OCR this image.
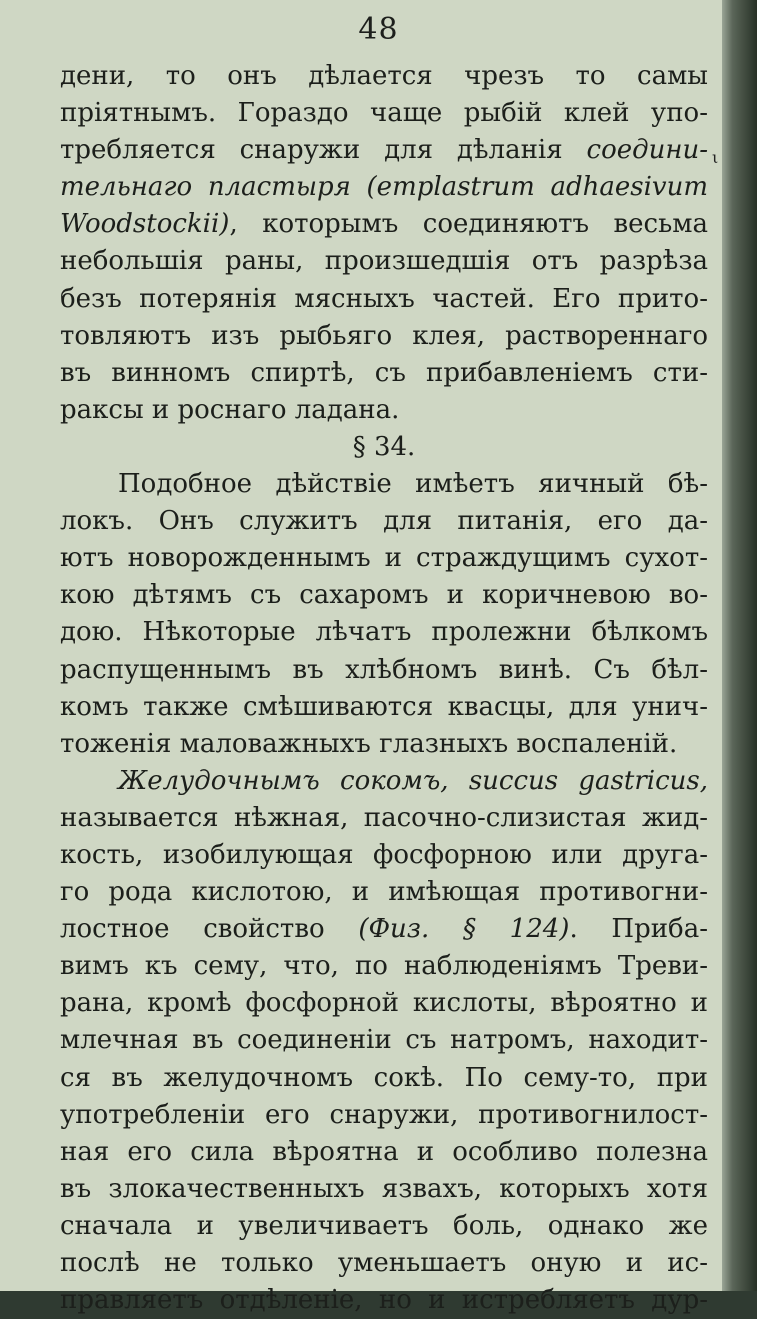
48
дени, то онъ дѣлается чрезъ то самы
пріятнымъ. Гораздо чаще рыбій клей упо-
требляется снаружи для дѣланія соедини-
тельнаго пластыря (emplastrum adhaesivum
Woodstockii), которымъ соединяютъ весьма
небольшія раны, произшедшія отъ разрѣза
безъ потерянія мясныхъ частей. Его прито-
товляютъ изъ рыбьяго клея, раствореннаго
въ винномъ спиртѣ, съ прибавленіемъ сти-
раксы и роснаго ладана.
§ 34.
Подобное дѣйствіе имѣетъ яичный бѣ-
локъ. Онъ служитъ для питанія, его да-
ютъ новорожденнымъ и страждущимъ сухот-
кою дѣтямъ съ сахаромъ и коричневою во-
дою. Нѣкоторые лѣчатъ пролежни бѣлкомъ
распущеннымъ въ хлѣбномъ винѣ. Съ бѣл-
комъ также смѣшиваются квасцы, для унич-
тоженія маловажныхъ глазныхъ воспаленій.
Желудочнымъ сокомъ, succus gastricus,
называется нѣжная, пасочно-слизистая жид-
кость, изобилующая фосфорною или друга-
го рода кислотою, и имѣющая противогни-
лостное свойство (Физ. § 124). Приба-
вимъ къ сему, что, по наблюденіямъ Треви-
рана, кромѣ фосфорной кислоты, вѣроятно и
млечная въ соединеніи съ натромъ, находит-
ся въ желудочномъ сокѣ. По сему-то, при
употребленіи его снаружи, противогнилост-
ная его сила вѣроятна и особливо полезна
въ злокачественныхъ язвахъ, которыхъ хотя
сначала и увеличиваетъ боль, однако же
послѣ не только уменьшаетъ оную и ис-
правляетъ отдѣленіе, но и истребляетъ дур-
ι
